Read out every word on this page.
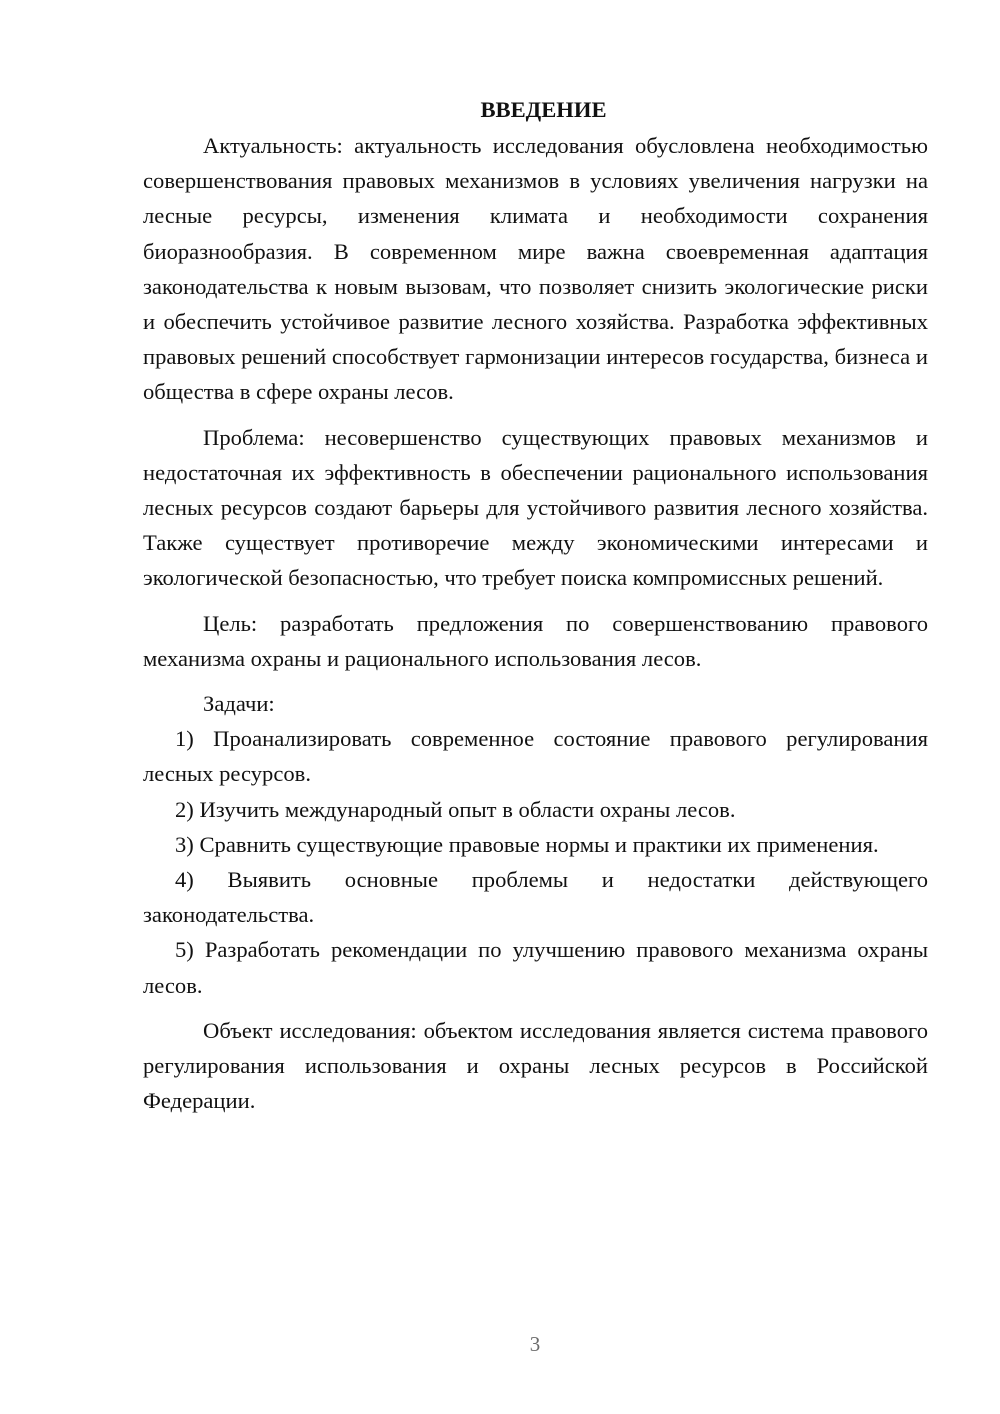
ВВЕДЕНИЕ

Актуальность: актуальность исследования обусловлена необходимостью совершенствования правовых механизмов в условиях увеличения нагрузки на лесные ресурсы, изменения климата и необходимости сохранения биоразнообразия. В современном мире важна своевременная адаптация законодательства к новым вызовам, что позволяет снизить экологические риски и обеспечить устойчивое развитие лесного хозяйства. Разработка эффективных правовых решений способствует гармонизации интересов государства, бизнеса и общества в сфере охраны лесов.

Проблема: несовершенство существующих правовых механизмов и недостаточная их эффективность в обеспечении рационального использования лесных ресурсов создают барьеры для устойчивого развития лесного хозяйства. Также существует противоречие между экономическими интересами и экологической безопасностью, что требует поиска компромиссных решений.

Цель: разработать предложения по совершенствованию правового механизма охраны и рационального использования лесов.

Задачи:

1) Проанализировать современное состояние правового регулирования лесных ресурсов.

2) Изучить международный опыт в области охраны лесов.

3) Сравнить существующие правовые нормы и практики их применения.

4) Выявить основные проблемы и недостатки действующего законодательства.

5) Разработать рекомендации по улучшению правового механизма охраны лесов.

Объект исследования: объектом исследования является система правового регулирования использования и охраны лесных ресурсов в Российской Федерации.

3
